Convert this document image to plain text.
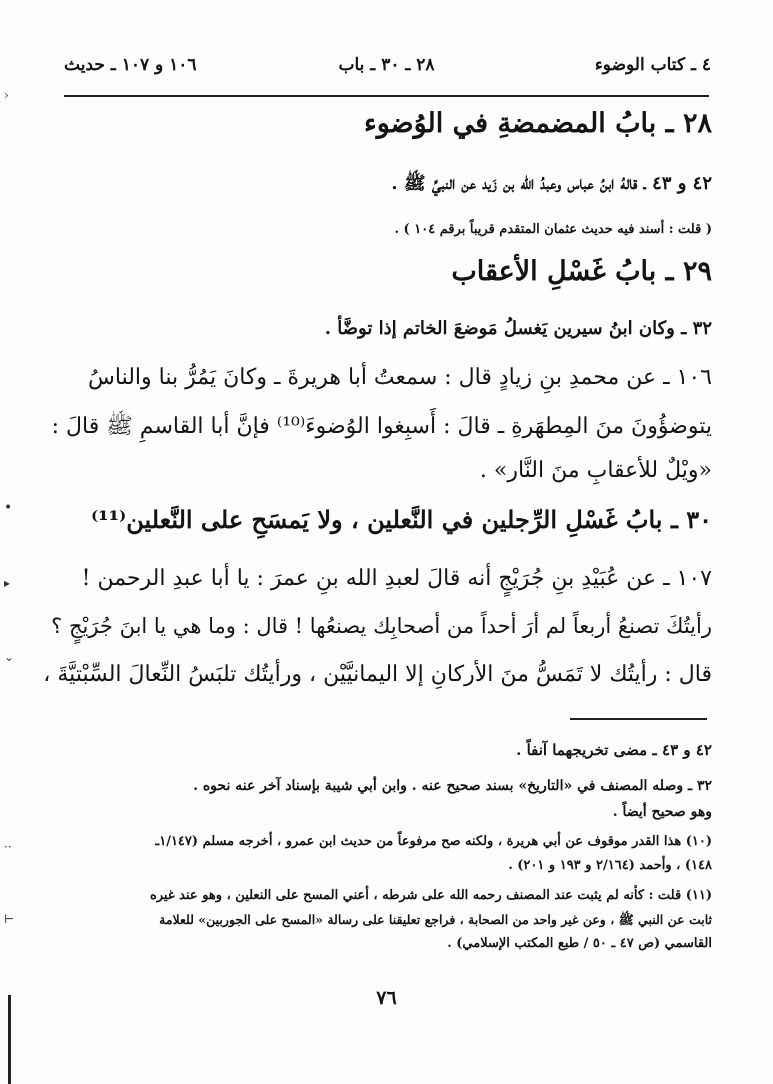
٤ ـ كتاب الوضوء
٢٨ ـ ٣٠ ـ باب
١٠٦ و ١٠٧ ـ حديث
٢٨ ـ بابُ المضمضةِ في الوُضوء
٤٢ و ٤٣ ـ قالهُ ابنُ عباس وعبدُ الله بن زَيد عن النبيِّ ﷺ .
( قلت : أسند فيه حديث عثمان المتقدم قريباً برقم ١٠٤ ) .
٢٩ ـ بابُ غَسْلِ الأعقاب
٣٢ ـ وكان ابنُ سيرين يَغسلُ مَوضعَ الخاتم إذا توضَّأ .
١٠٦ ـ عن محمدِ بنِ زيادٍ قال : سمعتُ أبا هريرةَ ـ وكانَ يَمُرُّ بنا والناسُ
يتوضؤُونَ منَ المِطهَرةِ ـ قالَ : أَسبِغوا الوُضوءَ⁽¹⁰⁾ فإنَّ أبا القاسمِ ﷺ قالَ :
«ويْلٌ للأعقابِ منَ النَّار» .
٣٠ ـ بابُ غَسْلِ الرِّجلين في النَّعلين ، ولا يَمسَحِ على النَّعلين⁽¹¹⁾
١٠٧ ـ عن عُبَيْدِ بنِ جُرَيْجٍ أنه قالَ لعبدِ الله بنِ عمرَ : يا أبا عبدِ الرحمن !
رأيتُكَ تصنعُ أربعاً لم أرَ أحداً من أصحابِك يصنعُها ! قال : وما هي يا ابنَ جُرَيْجٍ ؟
قال : رأيتُك لا تَمَسُّ منَ الأركانِ إلا اليمانيَّيْن ، ورأيتُك تلبَسُ النِّعالَ السِّبْتيَّةَ ،
٤٢ و ٤٣ ـ مضى تخريجهما آنفاً .
٣٢ ـ وصله المصنف في «التاريخ» بسند صحيح عنه . وابن أبي شيبة بإسناد آخر عنه نحوه .
وهو صحيح أيضاً .
(١٠) هذا القدر موقوف عن أبي هريرة ، ولكنه صح مرفوعاً من حديث ابن عمرو ، أخرجه مسلم (١/١٤٧ـ
١٤٨) ، وأحمد (٢/١٦٤ و ١٩٣ و ٢٠١) .
(١١) قلت : كأنه لم يثبت عند المصنف رحمه الله على شرطه ، أعني المسح على النعلين ، وهو عند غيره
ثابت عن النبي ﷺ ، وعن غير واحد من الصحابة ، فراجع تعليقنا على رسالة «المسح على الجوربين» للعلامة
القاسمي (ص ٤٧ ـ ٥٠ / طبع المكتب الإسلامي) .
٧٦
›
•
▸
⌄
··
⊢
